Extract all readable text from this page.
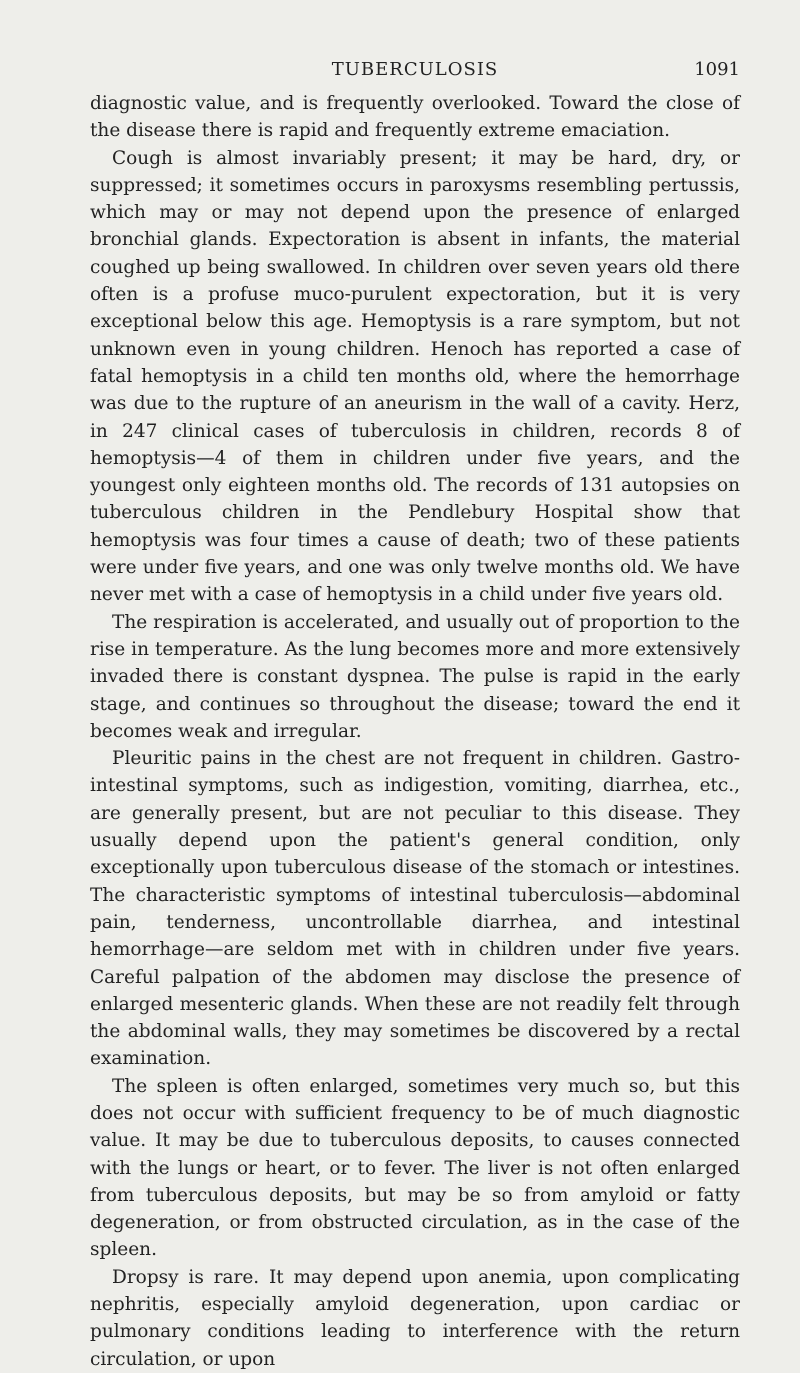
TUBERCULOSIS	1091

diagnostic value, and is frequently overlooked. Toward the close of the disease there is rapid and frequently extreme emaciation.

Cough is almost invariably present; it may be hard, dry, or suppressed; it sometimes occurs in paroxysms resembling pertussis, which may or may not depend upon the presence of enlarged bronchial glands. Expectoration is absent in infants, the material coughed up being swallowed. In children over seven years old there often is a profuse muco-purulent expectoration, but it is very exceptional below this age. Hemoptysis is a rare symptom, but not unknown even in young children. Henoch has reported a case of fatal hemoptysis in a child ten months old, where the hemorrhage was due to the rupture of an aneurism in the wall of a cavity. Herz, in 247 clinical cases of tuberculosis in children, records 8 of hemoptysis—4 of them in children under five years, and the youngest only eighteen months old. The records of 131 autopsies on tuberculous children in the Pendlebury Hospital show that hemoptysis was four times a cause of death; two of these patients were under five years, and one was only twelve months old. We have never met with a case of hemoptysis in a child under five years old.

The respiration is accelerated, and usually out of proportion to the rise in temperature. As the lung becomes more and more extensively invaded there is constant dyspnea. The pulse is rapid in the early stage, and continues so throughout the disease; toward the end it becomes weak and irregular.

Pleuritic pains in the chest are not frequent in children. Gastro-intestinal symptoms, such as indigestion, vomiting, diarrhea, etc., are generally present, but are not peculiar to this disease. They usually depend upon the patient's general condition, only exceptionally upon tuberculous disease of the stomach or intestines. The characteristic symptoms of intestinal tuberculosis—abdominal pain, tenderness, uncontrollable diarrhea, and intestinal hemorrhage—are seldom met with in children under five years. Careful palpation of the abdomen may disclose the presence of enlarged mesenteric glands. When these are not readily felt through the abdominal walls, they may sometimes be discovered by a rectal examination.

The spleen is often enlarged, sometimes very much so, but this does not occur with sufficient frequency to be of much diagnostic value. It may be due to tuberculous deposits, to causes connected with the lungs or heart, or to fever. The liver is not often enlarged from tuberculous deposits, but may be so from amyloid or fatty degeneration, or from obstructed circulation, as in the case of the spleen.

Dropsy is rare. It may depend upon anemia, upon complicating nephritis, especially amyloid degeneration, upon cardiac or pulmonary conditions leading to interference with the return circulation, or upon
